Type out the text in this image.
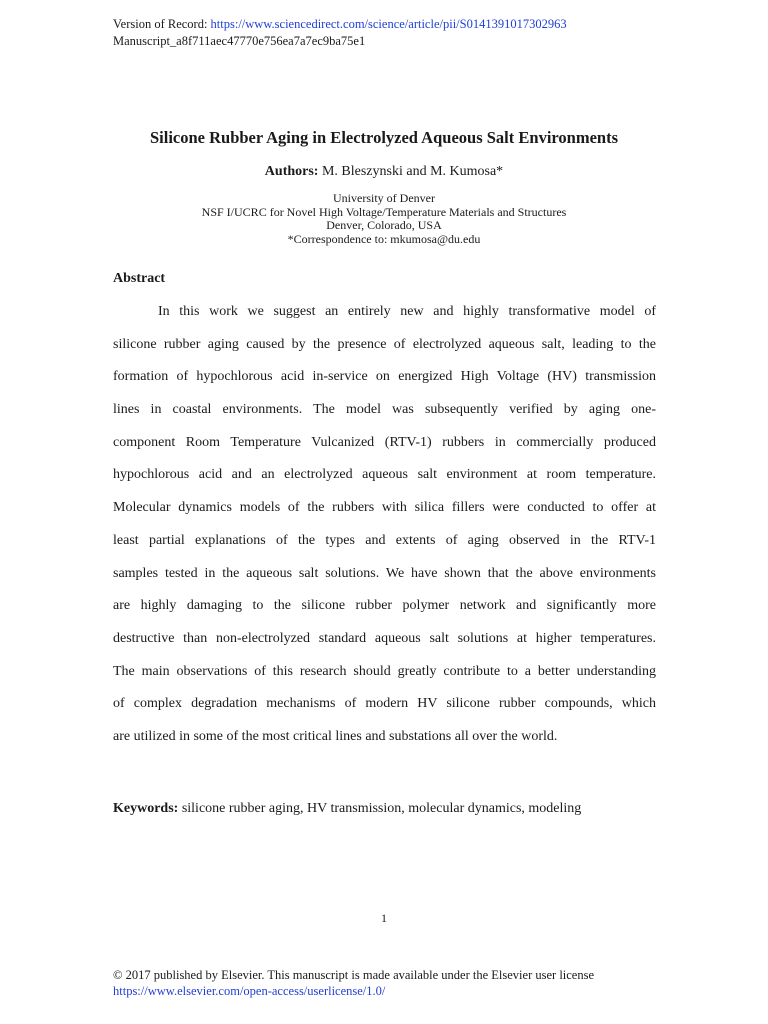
Version of Record: https://www.sciencedirect.com/science/article/pii/S0141391017302963
Manuscript_a8f711aec47770e756ea7a7ec9ba75e1
Silicone Rubber Aging in Electrolyzed Aqueous Salt Environments
Authors: M. Bleszynski and M. Kumosa*
University of Denver
NSF I/UCRC for Novel High Voltage/Temperature Materials and Structures
Denver, Colorado, USA
*Correspondence to: mkumosa@du.edu
Abstract
In this work we suggest an entirely new and highly transformative model of
silicone rubber aging caused by the presence of electrolyzed aqueous salt, leading to the
formation of hypochlorous acid in-service on energized High Voltage (HV) transmission
lines in coastal environments. The model was subsequently verified by aging one-
component Room Temperature Vulcanized (RTV-1) rubbers in commercially produced
hypochlorous acid and an electrolyzed aqueous salt environment at room temperature.
Molecular dynamics models of the rubbers with silica fillers were conducted to offer at
least partial explanations of the types and extents of aging observed in the RTV-1
samples tested in the aqueous salt solutions. We have shown that the above environments
are highly damaging to the silicone rubber polymer network and significantly more
destructive than non-electrolyzed standard aqueous salt solutions at higher temperatures.
The main observations of this research should greatly contribute to a better understanding
of complex degradation mechanisms of modern HV silicone rubber compounds, which
are utilized in some of the most critical lines and substations all over the world.
Keywords: silicone rubber aging, HV transmission, molecular dynamics, modeling
1
© 2017 published by Elsevier. This manuscript is made available under the Elsevier user license
https://www.elsevier.com/open-access/userlicense/1.0/
